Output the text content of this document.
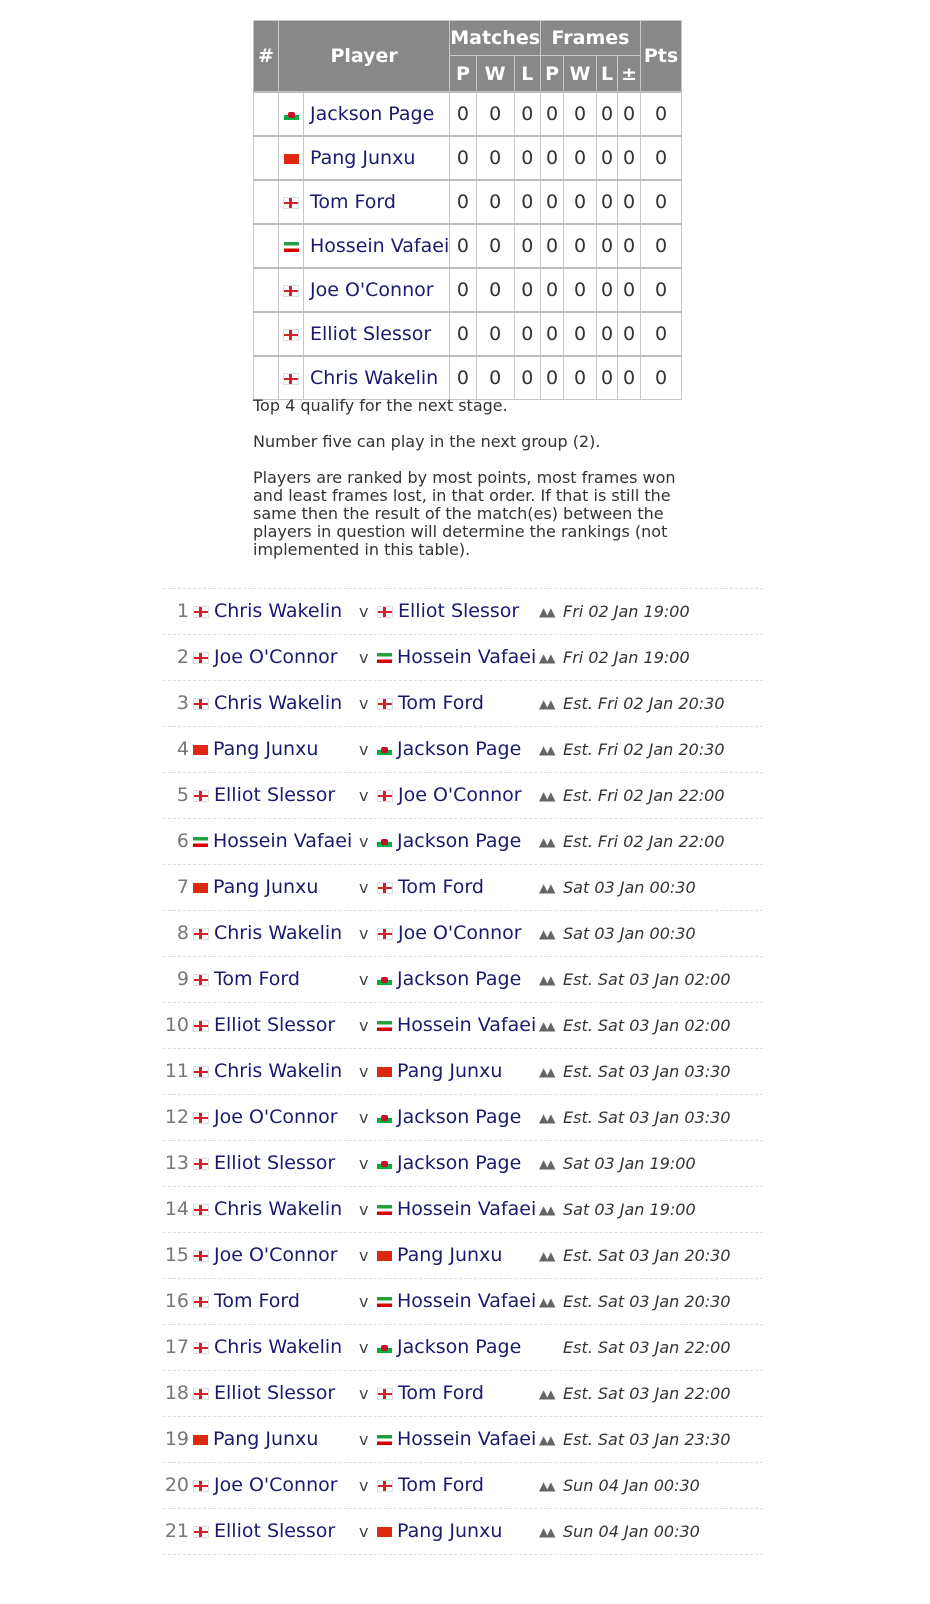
#	Player		Matches			Frames				Pts
			P	W	L	P	W	L	±	
		Jackson Page	0	0	0	0	0	0	0	0
		Pang Junxu	0	0	0	0	0	0	0	0
		Tom Ford	0	0	0	0	0	0	0	0
		Hossein Vafaei	0	0	0	0	0	0	0	0
		Joe O'Connor	0	0	0	0	0	0	0	0
		Elliot Slessor	0	0	0	0	0	0	0	0
		Chris Wakelin	0	0	0	0	0	0	0	0

Top 4 qualify for the next stage.

Number five can play in the next group (2).

Players are ranked by most points, most frames won and least frames lost, in that order. If that is still the same then the result of the match(es) between the players in question will determine the rankings (not implemented in this table).

1	Chris Wakelin v	Elliot Slessor ▲▲ Fri 02 Jan 19:00
2	Joe O'Connor v	Hossein Vafaei ▲▲ Fri 02 Jan 19:00
3	Chris Wakelin v	Tom Ford	▲▲ Est. Fri 02 Jan 20:30
4	Pang Junxu	v	Jackson Page ▲▲ Est. Fri 02 Jan 20:30
5	Elliot Slessor v	Joe O'Connor ▲▲ Est. Fri 02 Jan 22:00
6	Hossein Vafaei v	Jackson Page ▲▲ Est. Fri 02 Jan 22:00
7	Pang Junxu	v	Tom Ford	▲▲ Sat 03 Jan 00:30
8	Chris Wakelin v	Joe O'Connor ▲▲ Sat 03 Jan 00:30
9	Tom Ford	v	Jackson Page ▲▲ Est. Sat 03 Jan 02:00
10	Elliot Slessor v	Hossein Vafaei ▲▲ Est. Sat 03 Jan 02:00
11	Chris Wakelin v	Pang Junxu	▲▲ Est. Sat 03 Jan 03:30
12	Joe O'Connor v	Jackson Page ▲▲ Est. Sat 03 Jan 03:30
13	Elliot Slessor v	Jackson Page ▲▲ Sat 03 Jan 19:00
14	Chris Wakelin v	Hossein Vafaei ▲▲ Sat 03 Jan 19:00
15	Joe O'Connor v	Pang Junxu	▲▲ Est. Sat 03 Jan 20:30
16	Tom Ford	v	Hossein Vafaei ▲▲ Est. Sat 03 Jan 20:30
17	Chris Wakelin v	Jackson Page	Est. Sat 03 Jan 22:00
18	Elliot Slessor v	Tom Ford	▲▲ Est. Sat 03 Jan 22:00
19	Pang Junxu	v	Hossein Vafaei ▲▲ Est. Sat 03 Jan 23:30
20	Joe O'Connor v	Tom Ford	▲▲ Sun 04 Jan 00:30
21	Elliot Slessor v	Pang Junxu	▲▲ Sun 04 Jan 00:30
